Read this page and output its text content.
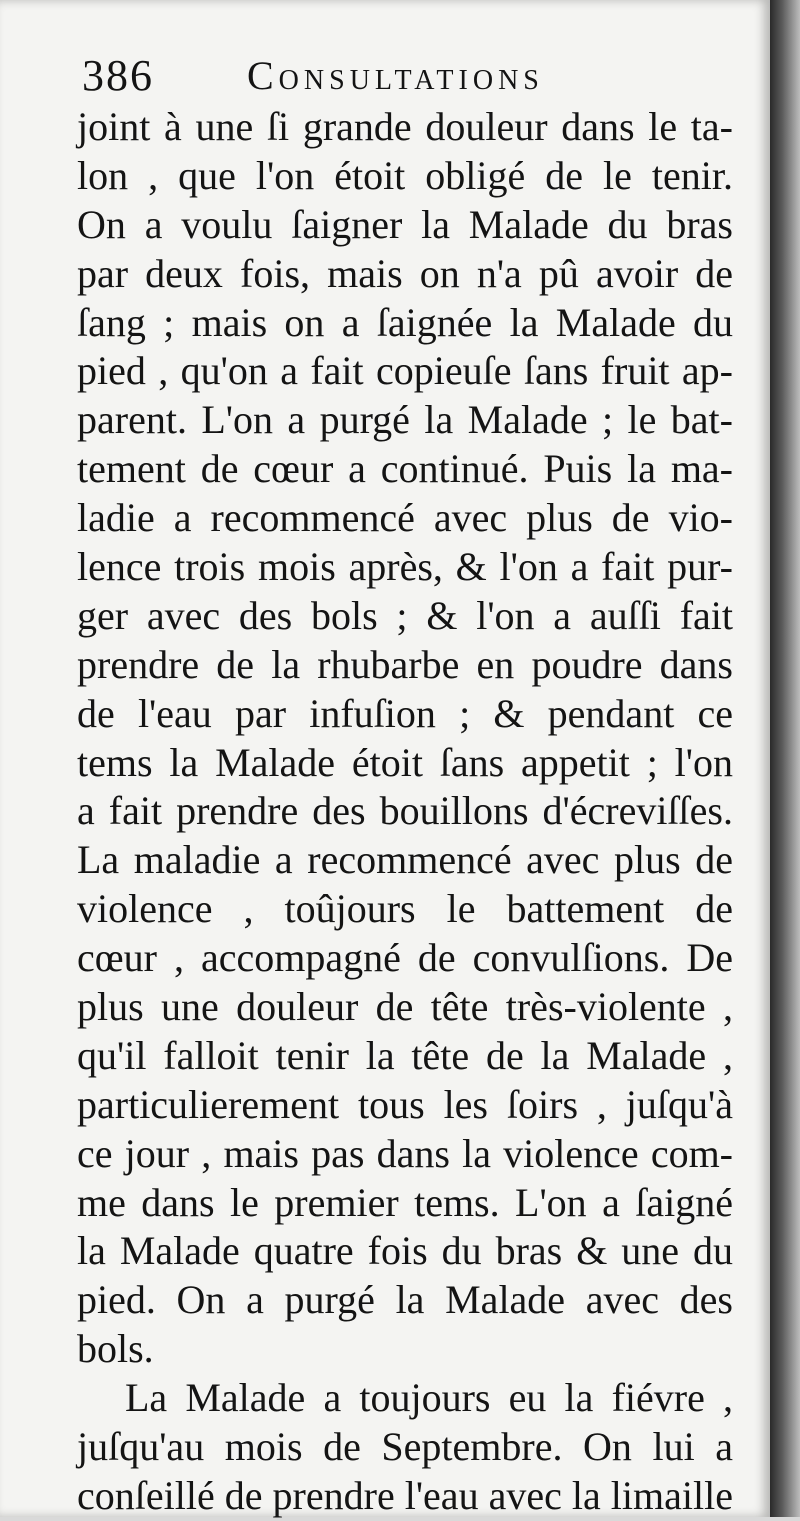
386 Consultations
joint à une ſi grande douleur dans le ta-
lon , que l'on étoit obligé de le tenir.
On a voulu ſaigner la Malade du bras
par deux fois, mais on n'a pû avoir de
ſang ; mais on a ſaignée la Malade du
pied , qu'on a fait copieuſe ſans fruit ap-
parent. L'on a purgé la Malade ; le bat-
tement de cœur a continué. Puis la ma-
ladie a recommencé avec plus de vio-
lence trois mois après, & l'on a fait pur-
ger avec des bols ; & l'on a auſſi fait
prendre de la rhubarbe en poudre dans
de l'eau par infuſion ; & pendant ce
tems la Malade étoit ſans appetit ; l'on
a fait prendre des bouillons d'écreviſſes.
La maladie a recommencé avec plus de
violence , toûjours le battement de
cœur , accompagné de convulſions. De
plus une douleur de tête très-violente ,
qu'il falloit tenir la tête de la Malade ,
particulierement tous les ſoirs , juſqu'à
ce jour , mais pas dans la violence com-
me dans le premier tems. L'on a ſaigné
la Malade quatre fois du bras & une du
pied. On a purgé la Malade avec des
bols.
La Malade a toujours eu la fiévre ,
juſqu'au mois de Septembre. On lui a
conſeillé de prendre l'eau avec la limaille
